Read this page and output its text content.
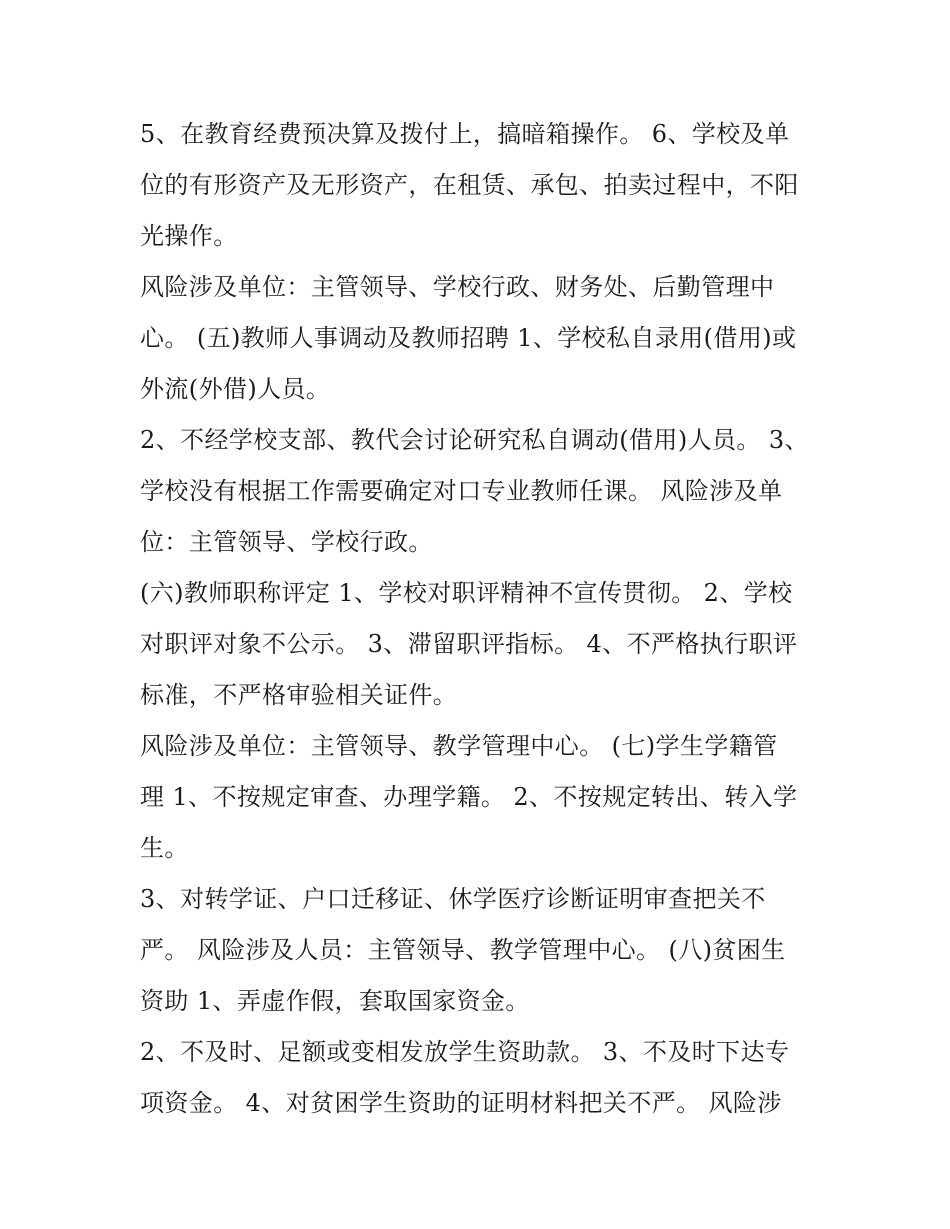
5、在教育经费预决算及拨付上，搞暗箱操作。 6、学校及单
位的有形资产及无形资产，在租赁、承包、拍卖过程中，不阳
光操作。

风险涉及单位：主管领导、学校行政、财务处、后勤管理中
心。 (五)教师人事调动及教师招聘 1、学校私自录用(借用)或
外流(外借)人员。

2、不经学校支部、教代会讨论研究私自调动(借用)人员。 3、
学校没有根据工作需要确定对口专业教师任课。 风险涉及单
位：主管领导、学校行政。

(六)教师职称评定 1、学校对职评精神不宣传贯彻。 2、学校
对职评对象不公示。 3、滞留职评指标。 4、不严格执行职评
标准，不严格审验相关证件。

风险涉及单位：主管领导、教学管理中心。 (七)学生学籍管
理 1、不按规定审查、办理学籍。 2、不按规定转出、转入学
生。

3、对转学证、户口迁移证、休学医疗诊断证明审查把关不
严。 风险涉及人员：主管领导、教学管理中心。 (八)贫困生
资助 1、弄虚作假，套取国家资金。

2、不及时、足额或变相发放学生资助款。 3、不及时下达专
项资金。 4、对贫困学生资助的证明材料把关不严。 风险涉
